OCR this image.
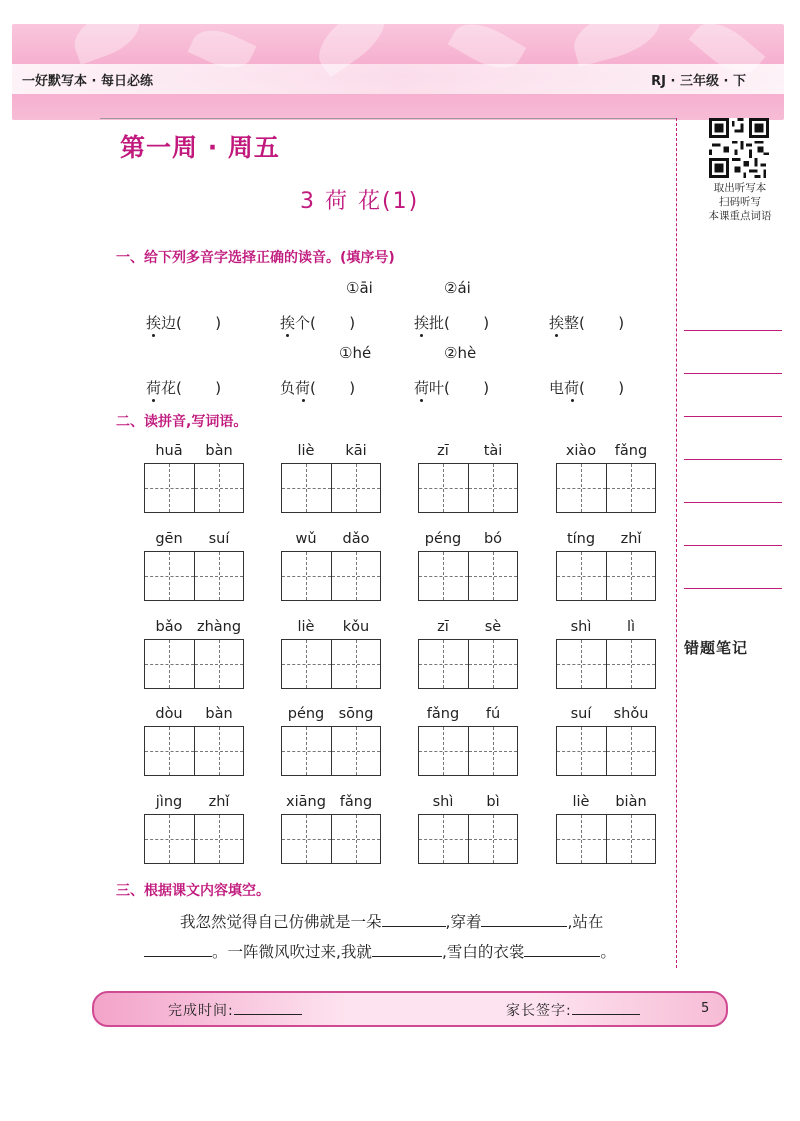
一好默写本 · 每日必练	RJ · 三年级 · 下
取出听写本
扫码听写
本课重点词语
错题笔记
第一周 · 周五
3 荷 花(1)
一、给下列多音字选择正确的读音。(填序号)
①āi	②ái
挨边(       )	挨个(       )	挨批(       )	挨整(       )
①hé	②hè
荷花(       )	负荷(       )	荷叶(       )	电荷(       )
二、读拼音,写词语。
huā	bàn	liè	kāi	zī	tài	xiào	fǎng
gēn	suí	wǔ	dǎo	péng	bó	tíng	zhǐ
bǎo zhàng	liè	kǒu	zī	sè	shì	lì
dòu	bàn	péng sōng	fǎng	fú	suí	shǒu
jìng	zhǐ	xiāng fǎng	shì	bì	liè	biàn
三、根据课文内容填空。
我忽然觉得自己仿佛就是一朵	,穿着	,站在
。一阵微风吹过来,我就	,雪白的衣裳	。
完成时间:	家长签字:	5
